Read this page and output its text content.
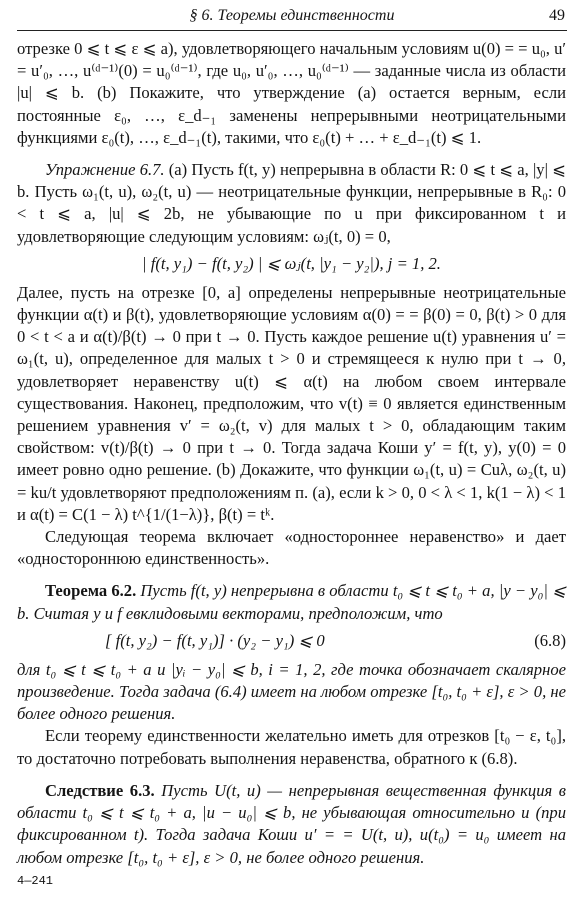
§ 6. Теоремы единственности	49

отрезке 0 ⩽ t ⩽ ε ⩽ a), удовлетворяющего начальным условиям u(0) = = u₀, u′ = u′₀, …, u⁽ᵈ⁻¹⁾(0) = u₀⁽ᵈ⁻¹⁾, где u₀, u′₀, …, u₀⁽ᵈ⁻¹⁾ — заданные числа из области |u| ⩽ b. (b) Покажите, что утверждение (a) остается верным, если постоянные ε₀, …, ε_d₋₁ заменены непрерывными неотрицательными функциями ε₀(t), …, ε_d₋₁(t), такими, что ε₀(t) + … + ε_d₋₁(t) ⩽ 1.

Упражнение 6.7. (a) Пусть f(t, y) непрерывна в области R: 0 ⩽ t ⩽ a, |y| ⩽ b. Пусть ω₁(t, u), ω₂(t, u) — неотрицательные функции, непрерывные в R₀: 0 < t ⩽ a, |u| ⩽ 2b, не убывающие по u при фиксированном t и удовлетворяющие следующим условиям: ωⱼ(t, 0) = 0,

| f(t, y₁) − f(t, y₂) | ⩽ ωⱼ(t, |y₁ − y₂|), j = 1, 2.

Далее, пусть на отрезке [0, a] определены непрерывные неотрицательные функции α(t) и β(t), удовлетворяющие условиям α(0) = = β(0) = 0, β(t) > 0 для 0 < t < a и α(t)/β(t) → 0 при t → 0. Пусть каждое решение u(t) уравнения u′ = ω₁(t, u), определенное для малых t > 0 и стремящееся к нулю при t → 0, удовлетворяет неравенству u(t) ⩽ α(t) на любом своем интервале существования. Наконец, предположим, что v(t) ≡ 0 является единственным решением уравнения v′ = ω₂(t, v) для малых t > 0, обладающим таким свойством: v(t)/β(t) → 0 при t → 0. Тогда задача Коши y′ = f(t, y), y(0) = 0 имеет ровно одно решение. (b) Докажите, что функции ω₁(t, u) = Cuλ, ω₂(t, u) = ku/t удовлетворяют предположениям п. (a), если k > 0, 0 < λ < 1, k(1 − λ) < 1 и α(t) = C(1 − λ) t^{1/(1−λ)}, β(t) = tᵏ.

Следующая теорема включает «одностороннее неравенство» и дает «одностороннюю единственность».

Теорема 6.2. Пусть f(t, y) непрерывна в области t₀ ⩽ t ⩽ t₀ + a, |y − y₀| ⩽ b. Считая y и f евклидовыми векторами, предположим, что

[ f(t, y₂) − f(t, y₁)] · (y₂ − y₁) ⩽ 0	(6.8)

для t₀ ⩽ t ⩽ t₀ + a и |yᵢ − y₀| ⩽ b, i = 1, 2, где точка обозначает скалярное произведение. Тогда задача (6.4) имеет на любом отрезке [t₀, t₀ + ε], ε > 0, не более одного решения.

Если теорему единственности желательно иметь для отрезков [t₀ − ε, t₀], то достаточно потребовать выполнения неравенства, обратного к (6.8).

Следствие 6.3. Пусть U(t, u) — непрерывная вещественная функция в области t₀ ⩽ t ⩽ t₀ + a, |u − u₀| ⩽ b, не убывающая относительно u (при фиксированном t). Тогда задача Коши u′ = = U(t, u), u(t₀) = u₀ имеет на любом отрезке [t₀, t₀ + ε], ε > 0, не более одного решения.

4—241
